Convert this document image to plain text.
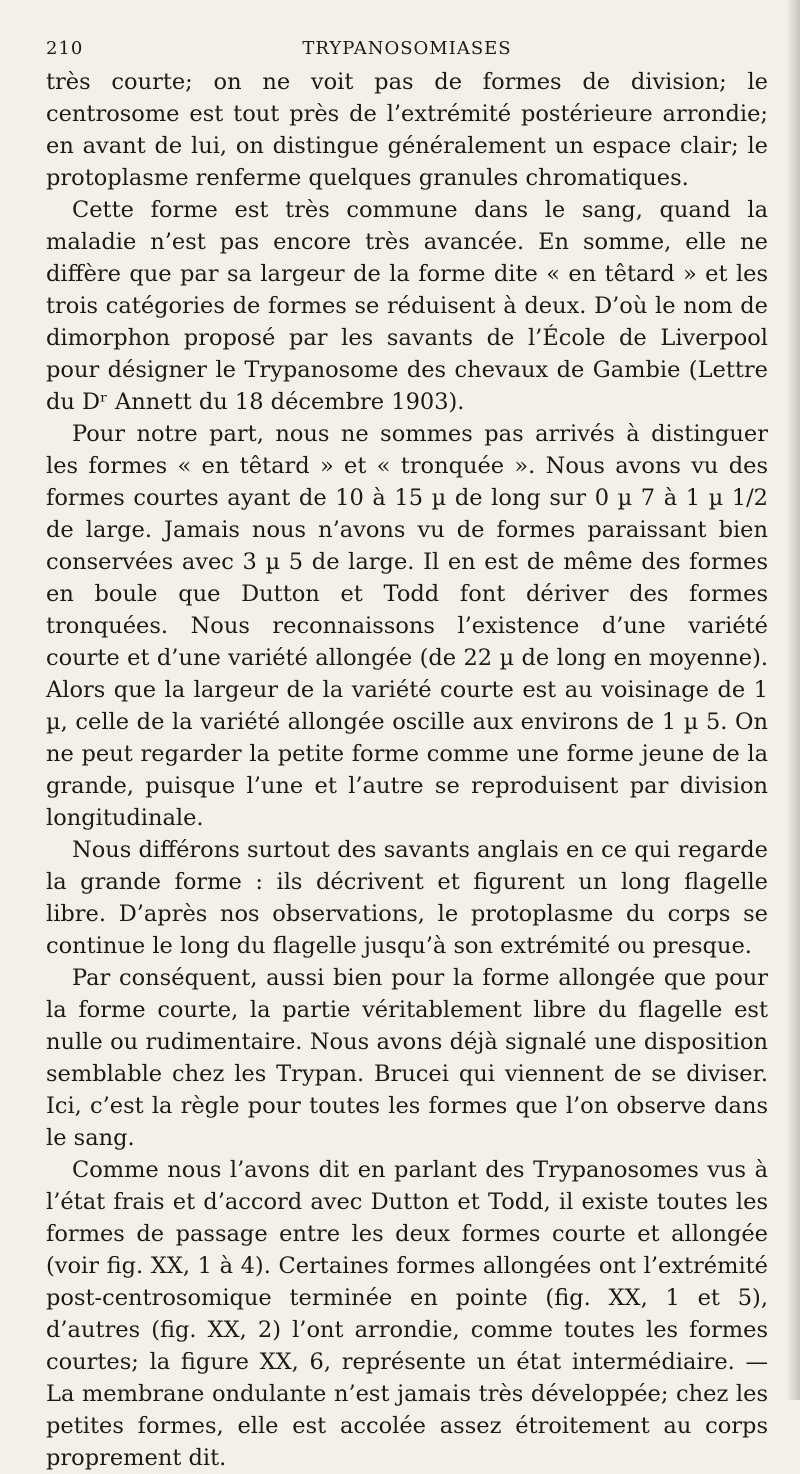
210	TRYPANOSOMIASES

très courte; on ne voit pas de formes de division; le centrosome est tout près de l’extrémité postérieure arrondie; en avant de lui, on distingue généralement un espace clair; le protoplasme renferme quelques granules chromatiques.

Cette forme est très commune dans le sang, quand la maladie n’est pas encore très avancée. En somme, elle ne diffère que par sa largeur de la forme dite « en têtard » et les trois catégories de formes se réduisent à deux. D’où le nom de dimorphon proposé par les savants de l’École de Liverpool pour désigner le Trypanosome des chevaux de Gambie (Lettre du Dʳ Annett du 18 décembre 1903).

Pour notre part, nous ne sommes pas arrivés à distinguer les formes « en têtard » et « tronquée ». Nous avons vu des formes courtes ayant de 10 à 15 µ de long sur 0 µ 7 à 1 µ 1/2 de large. Jamais nous n’avons vu de formes paraissant bien conservées avec 3 µ 5 de large. Il en est de même des formes en boule que Dutton et Todd font dériver des formes tronquées. Nous reconnaissons l’existence d’une variété courte et d’une variété allongée (de 22 µ de long en moyenne). Alors que la largeur de la variété courte est au voisinage de 1 µ, celle de la variété allongée oscille aux environs de 1 µ 5. On ne peut regarder la petite forme comme une forme jeune de la grande, puisque l’une et l’autre se reproduisent par division longitudinale.

Nous différons surtout des savants anglais en ce qui regarde la grande forme : ils décrivent et figurent un long flagelle libre. D’après nos observations, le protoplasme du corps se continue le long du flagelle jusqu’à son extrémité ou presque.

Par conséquent, aussi bien pour la forme allongée que pour la forme courte, la partie véritablement libre du flagelle est nulle ou rudimentaire. Nous avons déjà signalé une disposition semblable chez les Trypan. Brucei qui viennent de se diviser. Ici, c’est la règle pour toutes les formes que l’on observe dans le sang.

Comme nous l’avons dit en parlant des Trypanosomes vus à l’état frais et d’accord avec Dutton et Todd, il existe toutes les formes de passage entre les deux formes courte et allongée (voir fig. XX, 1 à 4). Certaines formes allongées ont l’extrémité post-centrosomique terminée en pointe (fig. XX, 1 et 5), d’autres (fig. XX, 2) l’ont arrondie, comme toutes les formes courtes; la figure XX, 6, représente un état intermédiaire. — La membrane ondulante n’est jamais très développée; chez les petites formes, elle est accolée assez étroitement au corps proprement dit.
